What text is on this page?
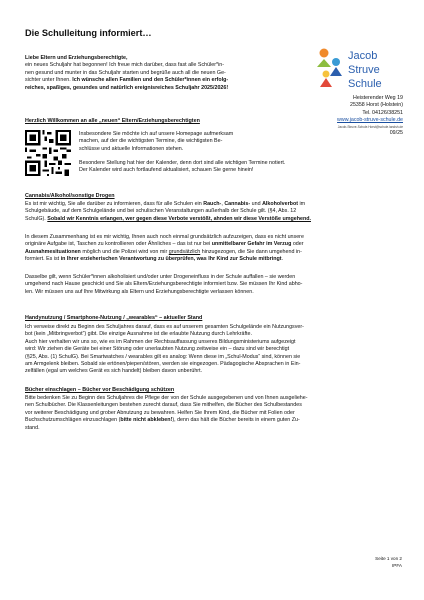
Die Schulleitung informiert…
Liebe Eltern und Erziehungsberechtigte,
ein neues Schuljahr hat begonnen! Ich freue mich darüber, dass fast alle Schüler*in-
nen gesund und munter in das Schuljahr starten und begrüße auch all die neuen Ge-
sichter unter Ihnen. Ich wünsche allen Familien und den Schüler*innen ein erfolg-
reiches, spaßiges, gesundes und natürlich ereignisreiches Schuljahr 2025/2026!
Jacob
Struve
Schule
Heisterender Weg 19
25358 Horst (Holstein)
Tel. 04126/38251
www.jacob-struve-schule.de
Jacob-Struve-Schule.Horst@schule.landsh.de
09/25
Herzlich Willkommen an alle „neuen“ Eltern/Erziehungsberechtigten
Insbesondere Sie möchte ich auf unsere Homepage aufmerksam
machen, auf der die wichtigsten Termine, die wichtigsten Be-
schlüsse und aktuelle Informationen stehen.
Besondere Stellung hat hier der Kalender, denn dort sind alle wichtigen Termine notiert.
Der Kalender wird auch fortlaufend aktualisiert, schauen Sie gerne hinein!
Cannabis/Alkohol/sonstige Drogen
Es ist mir wichtig, Sie alle darüber zu informieren, dass für alle Schulen ein Rauch-, Cannabis- und Alkoholverbot im
Schulgebäude, auf dem Schulgelände und bei schulischen Veranstaltungen außerhalb der Schule gilt. (§4, Abs. 12
SchulG). Sobald wir Kenntnis erlangen, wer gegen diese Verbote verstößt, ahnden wir diese Verstöße umgehend.
In diesem Zusammenhang ist es mir wichtig, Ihnen auch noch einmal grundsätzlich aufzuzeigen, dass es nicht unsere
originäre Aufgabe ist, Taschen zu kontrollieren oder Ähnliches – das ist nur bei unmittelbarer Gefahr im Verzug oder
Ausnahmesituationen möglich und die Polizei wird von mir grundsätzlich hinzugezogen, die Sie dann umgehend in-
formiert. Es ist in Ihrer erzieherischen Verantwortung zu überprüfen, was Ihr Kind zur Schule mitbringt.
Dasselbe gilt, wenn Schüler*innen alkoholisiert und/oder unter Drogeneinfluss in der Schule auffallen – sie werden
umgehend nach Hause geschickt und Sie als Eltern/Erziehungsberechtigte informiert bzw. Sie müssen Ihr Kind abho-
len. Wir müssen uns auf Ihre Mitwirkung als Eltern und Erziehungsberechtigte verlassen können.
Handynutzung / Smartphone-Nutzung / „wearables“ – aktueller Stand
Ich verweise direkt zu Beginn des Schuljahres darauf, dass es auf unserem gesamten Schulgelände ein Nutzungsver-
bot (kein „Mitbringverbot“) gibt. Die einzige Ausnahme ist die erlaubte Nutzung durch Lehrkräfte.
Auch hier verhalten wir uns so, wie es im Rahmen der Rechtsauffassung unseres Bildungsministeriums aufgezeigt
wird: Wir ziehen die Geräte bei einer Störung oder unerlaubten Nutzung zeitweise ein – dazu sind wir berechtigt
(§25, Abs. (1) SchulG). Bei Smartwatches / wearables gilt es analog: Wenn diese im „Schul-Modus“ sind, können sie
am Armgelenk bleiben. Sobald sie ertönen/piepen/stören, werden sie eingezogen. Pädagogische Absprachen in Ein-
zelfällen (egal um welches Gerät es sich handelt) bleiben davon unberührt.
Bücher einschlagen – Bücher vor Beschädigung schützen
Bitte bedenken Sie zu Beginn des Schuljahres die Pflege der von der Schule ausgegebenen und von Ihnen ausgeliehe-
nen Schulbücher. Die Klassenleitungen bestehen zurecht darauf, dass Sie mithelfen, die Bücher des Schulbestandes
vor weiterer Beschädigung und grober Abnutzung zu bewahren. Helfen Sie Ihrem Kind, die Bücher mit Folien oder
Buchschutzumschlägen einzuschlagen (bitte nicht abkleben!), denn das hält die Bücher bereits in einem guten Zu-
stand.
Seite 1 von 2
IPFA
